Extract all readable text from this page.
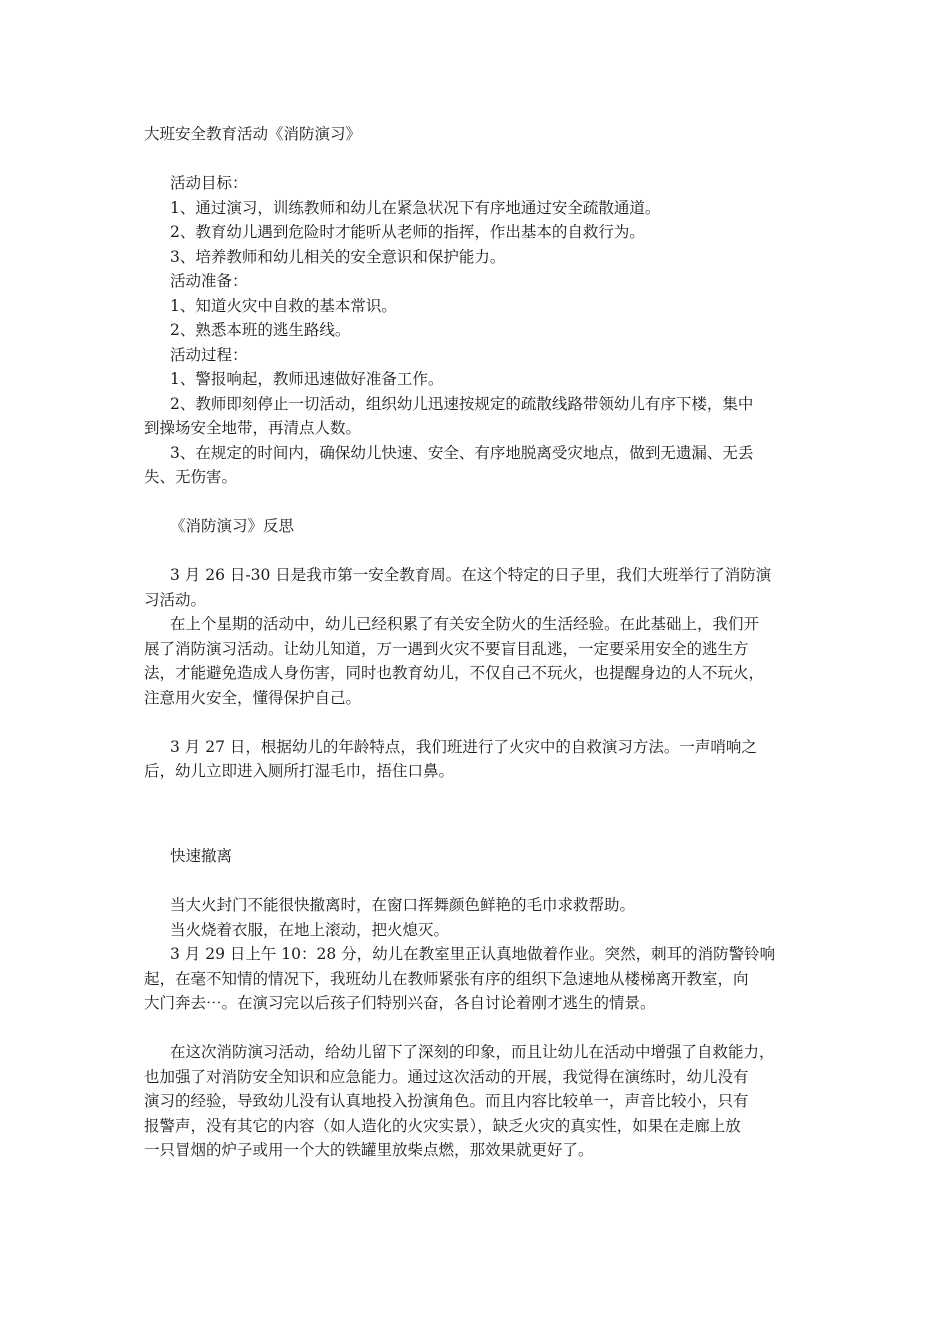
大班安全教育活动《消防演习》
活动目标：
1、通过演习，训练教师和幼儿在紧急状况下有序地通过安全疏散通道。
2、教育幼儿遇到危险时才能听从老师的指挥，作出基本的自救行为。
3、培养教师和幼儿相关的安全意识和保护能力。
活动准备：
1、知道火灾中自救的基本常识。
2、熟悉本班的逃生路线。
活动过程：
1、警报响起，教师迅速做好准备工作。
2、教师即刻停止一切活动，组织幼儿迅速按规定的疏散线路带领幼儿有序下楼，集中
到操场安全地带，再清点人数。
3、在规定的时间内，确保幼儿快速、安全、有序地脱离受灾地点，做到无遗漏、无丢
失、无伤害。
《消防演习》反思
3 月 26 日-30 日是我市第一安全教育周。在这个特定的日子里，我们大班举行了消防演
习活动。
在上个星期的活动中，幼儿已经积累了有关安全防火的生活经验。在此基础上，我们开
展了消防演习活动。让幼儿知道，万一遇到火灾不要盲目乱逃，一定要采用安全的逃生方
法，才能避免造成人身伤害，同时也教育幼儿，不仅自己不玩火，也提醒身边的人不玩火，
注意用火安全，懂得保护自己。
3 月 27 日，根据幼儿的年龄特点，我们班进行了火灾中的自救演习方法。一声哨响之
后，幼儿立即进入厕所打湿毛巾，捂住口鼻。
快速撤离
当大火封门不能很快撤离时，在窗口挥舞颜色鲜艳的毛巾求救帮助。
当火烧着衣服，在地上滚动，把火熄灭。
3 月 29 日上午 10：28 分，幼儿在教室里正认真地做着作业。突然，刺耳的消防警铃响
起，在毫不知情的情况下，我班幼儿在教师紧张有序的组织下急速地从楼梯离开教室，向
大门奔去⋯。在演习完以后孩子们特别兴奋，各自讨论着刚才逃生的情景。
在这次消防演习活动，给幼儿留下了深刻的印象，而且让幼儿在活动中增强了自救能力，
也加强了对消防安全知识和应急能力。通过这次活动的开展，我觉得在演练时，幼儿没有
演习的经验，导致幼儿没有认真地投入扮演角色。而且内容比较单一，声音比较小，只有
报警声，没有其它的内容（如人造化的火灾实景），缺乏火灾的真实性，如果在走廊上放
一只冒烟的炉子或用一个大的铁罐里放柴点燃，那效果就更好了。
